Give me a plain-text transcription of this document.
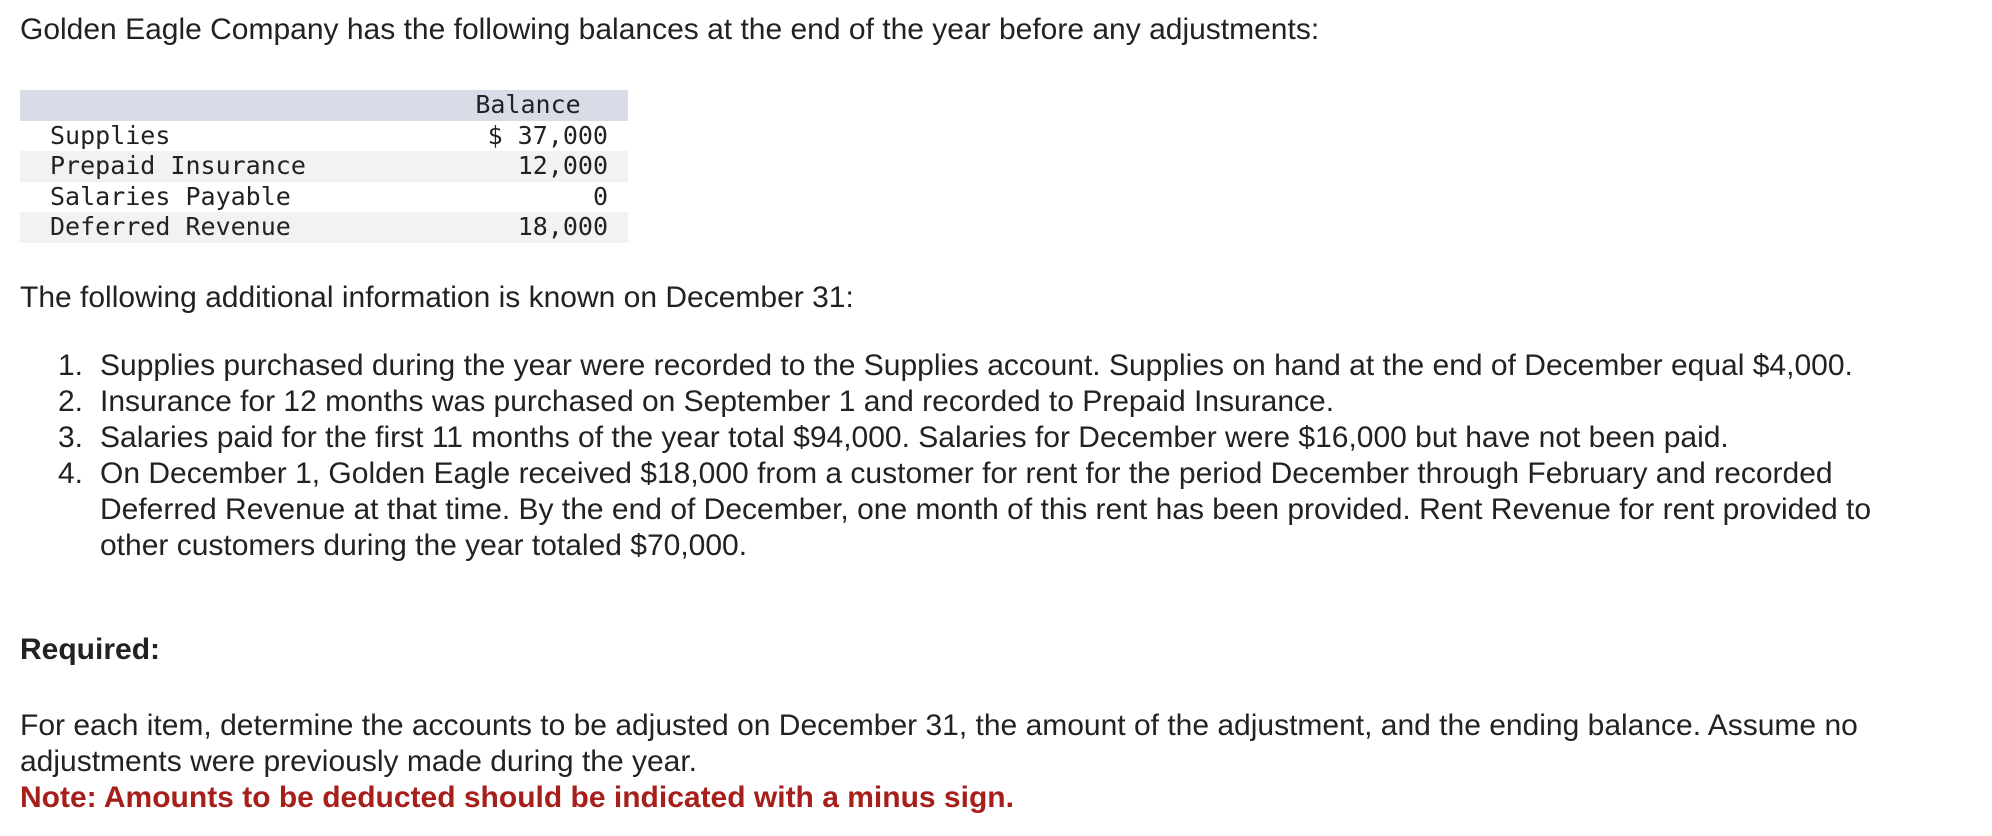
Golden Eagle Company has the following balances at the end of the year before any adjustments:
	Balance
Supplies	$ 37,000
Prepaid Insurance	12,000
Salaries Payable	0
Deferred Revenue	18,000
The following additional information is known on December 31:
1. Supplies purchased during the year were recorded to the Supplies account. Supplies on hand at the end of December equal $4,000.
2. Insurance for 12 months was purchased on September 1 and recorded to Prepaid Insurance.
3. Salaries paid for the first 11 months of the year total $94,000. Salaries for December were $16,000 but have not been paid.
4. On December 1, Golden Eagle received $18,000 from a customer for rent for the period December through February and recorded Deferred Revenue at that time. By the end of December, one month of this rent has been provided. Rent Revenue for rent provided to other customers during the year totaled $70,000.
Required:
For each item, determine the accounts to be adjusted on December 31, the amount of the adjustment, and the ending balance. Assume no adjustments were previously made during the year.
Note: Amounts to be deducted should be indicated with a minus sign.
